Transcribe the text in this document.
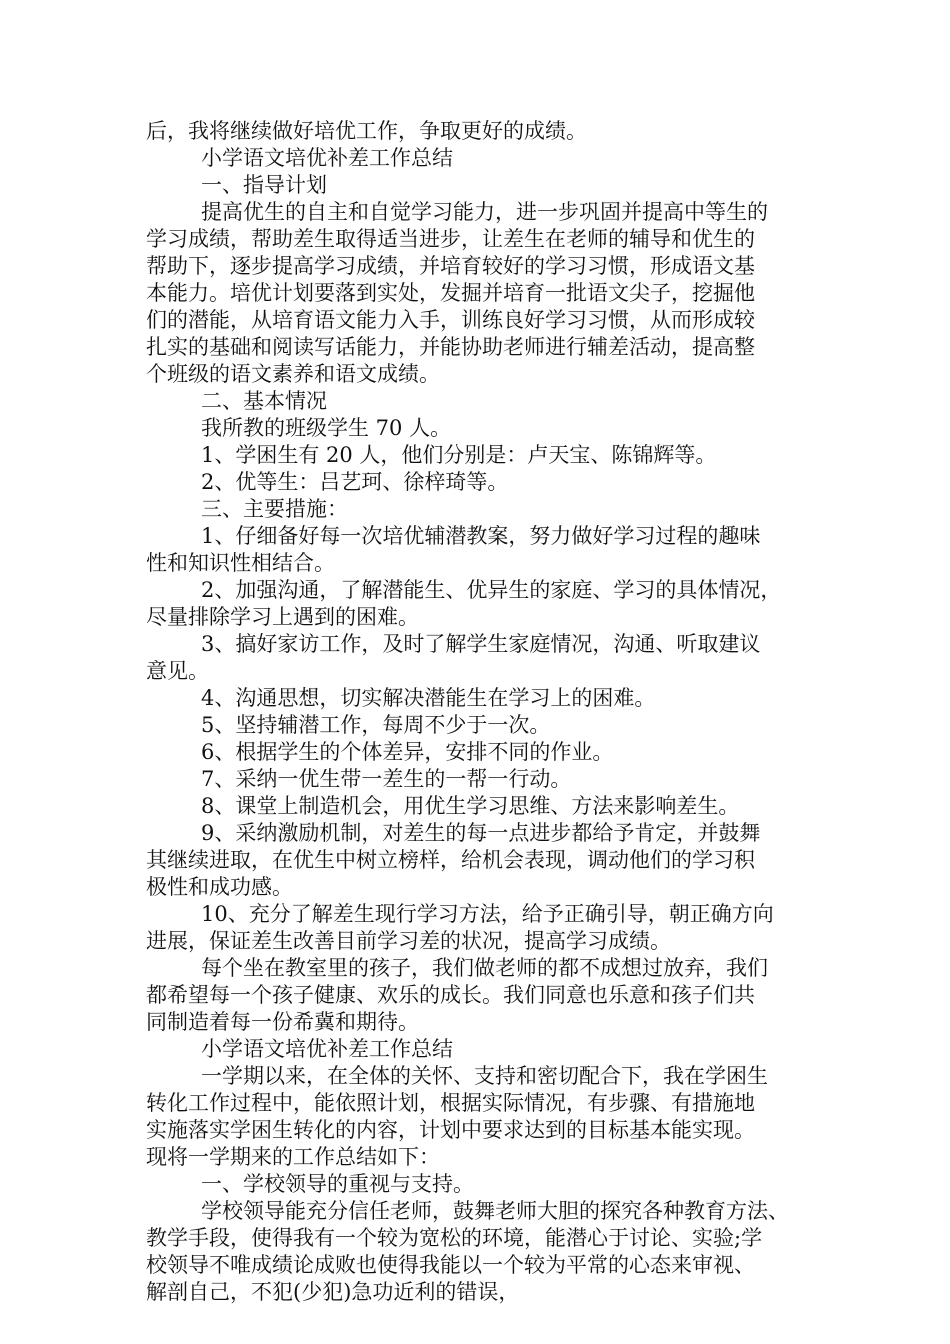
后，我将继续做好培优工作，争取更好的成绩。
小学语文培优补差工作总结
一、指导计划
提高优生的自主和自觉学习能力，进一步巩固并提高中等生的
学习成绩，帮助差生取得适当进步，让差生在老师的辅导和优生的
帮助下，逐步提高学习成绩，并培育较好的学习习惯，形成语文基
本能力。培优计划要落到实处，发掘并培育一批语文尖子，挖掘他
们的潜能，从培育语文能力入手，训练良好学习习惯，从而形成较
扎实的基础和阅读写话能力，并能协助老师进行辅差活动，提高整
个班级的语文素养和语文成绩。
二、基本情况
我所教的班级学生 70 人。
1、学困生有 20 人，他们分别是：卢天宝、陈锦辉等。
2、优等生：吕艺珂、徐梓琦等。
三、主要措施：
1、仔细备好每一次培优辅潜教案，努力做好学习过程的趣味
性和知识性相结合。
2、加强沟通，了解潜能生、优异生的家庭、学习的具体情况，
尽量排除学习上遇到的困难。
3、搞好家访工作，及时了解学生家庭情况，沟通、听取建议
意见。
4、沟通思想，切实解决潜能生在学习上的困难。
5、坚持辅潜工作，每周不少于一次。
6、根据学生的个体差异，安排不同的作业。
7、采纳一优生带一差生的一帮一行动。
8、课堂上制造机会，用优生学习思维、方法来影响差生。
9、采纳激励机制，对差生的每一点进步都给予肯定，并鼓舞
其继续进取，在优生中树立榜样，给机会表现，调动他们的学习积
极性和成功感。
10、充分了解差生现行学习方法，给予正确引导，朝正确方向
进展，保证差生改善目前学习差的状况，提高学习成绩。
每个坐在教室里的孩子，我们做老师的都不成想过放弃，我们
都希望每一个孩子健康、欢乐的成长。我们同意也乐意和孩子们共
同制造着每一份希冀和期待。
小学语文培优补差工作总结
一学期以来，在全体的关怀、支持和密切配合下，我在学困生
转化工作过程中，能依照计划，根据实际情况，有步骤、有措施地
实施落实学困生转化的内容，计划中要求达到的目标基本能实现。
现将一学期来的工作总结如下：
一、学校领导的重视与支持。
学校领导能充分信任老师，鼓舞老师大胆的探究各种教育方法、
教学手段，使得我有一个较为宽松的环境，能潜心于讨论、实验;学
校领导不唯成绩论成败也使得我能以一个较为平常的心态来审视、
解剖自己，不犯(少犯)急功近利的错误，
